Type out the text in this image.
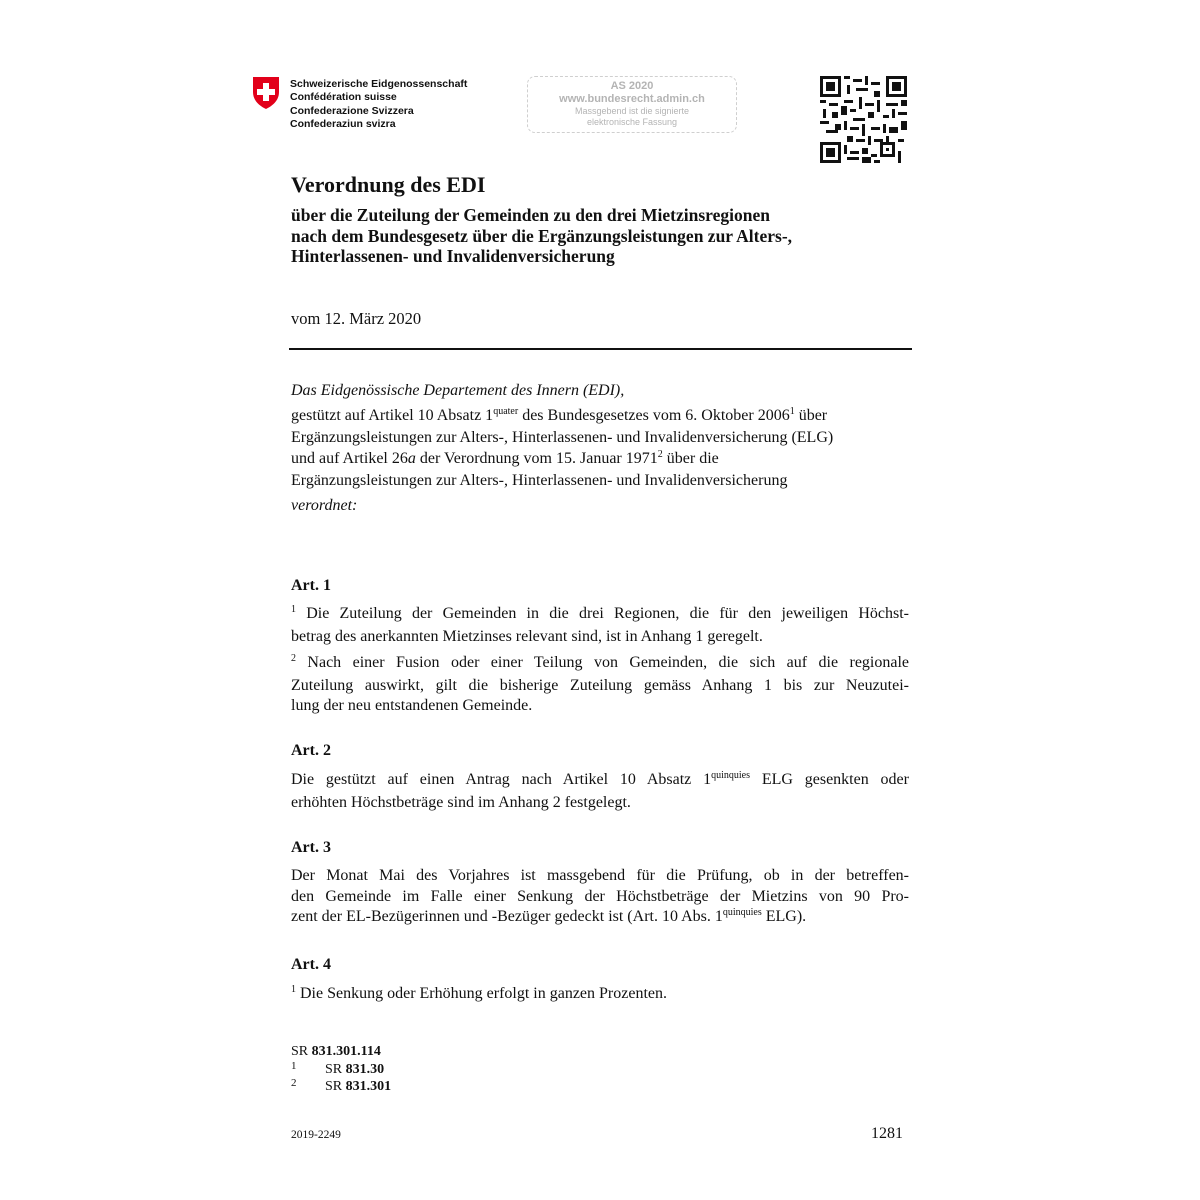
Schweizerische Eidgenossenschaft
Confédération suisse
Confederazione Svizzera
Confederaziun svizra
AS 2020
www.bundesrecht.admin.ch
Massgebend ist die signierte
elektronische Fassung
Verordnung des EDI
über die Zuteilung der Gemeinden zu den drei Mietzinsregionen
nach dem Bundesgesetz über die Ergänzungsleistungen zur Alters-,
Hinterlassenen- und Invalidenversicherung
vom 12. März 2020
Das Eidgenössische Departement des Innern (EDI),
gestützt auf Artikel 10 Absatz $1^{quater}$ des Bundesgesetzes vom 6. Oktober 2006$^1$ über
Ergänzungsleistungen zur Alters-, Hinterlassenen- und Invalidenversicherung (ELG)
und auf Artikel 26a der Verordnung vom 15. Januar 1971$^2$ über die
Ergänzungsleistungen zur Alters-, Hinterlassenen- und Invalidenversicherung
verordnet:
Art. 1
$^1$ Die Zuteilung der Gemeinden in die drei Regionen, die für den jeweiligen Höchst-
betrag des anerkannten Mietzinses relevant sind, ist in Anhang 1 geregelt.
$^2$ Nach einer Fusion oder einer Teilung von Gemeinden, die sich auf die regionale
Zuteilung auswirkt, gilt die bisherige Zuteilung gemäss Anhang 1 bis zur Neuzutei-
lung der neu entstandenen Gemeinde.
Art. 2
Die gestützt auf einen Antrag nach Artikel 10 Absatz $1^{quinquies}$ ELG gesenkten oder
erhöhten Höchstbeträge sind im Anhang 2 festgelegt.
Art. 3
Der Monat Mai des Vorjahres ist massgebend für die Prüfung, ob in der betreffen-
den Gemeinde im Falle einer Senkung der Höchstbeträge der Mietzins von 90 Pro-
zent der EL-Bezügerinnen und -Bezüger gedeckt ist (Art. 10 Abs. $1^{quinquies}$ ELG).
Art. 4
$^1$ Die Senkung oder Erhöhung erfolgt in ganzen Prozenten.
SR 831.301.114
1 SR 831.30
2 SR 831.301
2019-2249	1281
